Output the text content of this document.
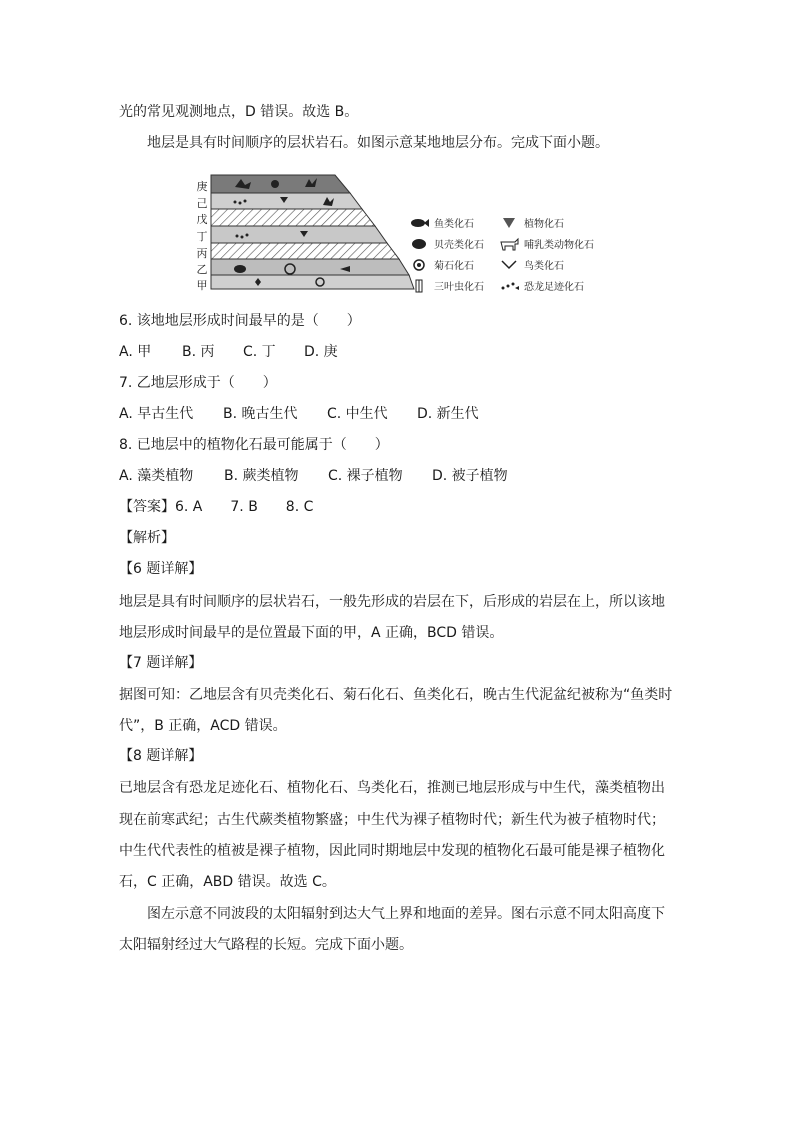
光的常见观测地点，D 错误。故选 B。
地层是具有时间顺序的层状岩石。如图示意某地地层分布。完成下面小题。
庚
己
戊
丁
丙
乙
甲
鱼类化石	植物化石
贝壳类化石	哺乳类动物化石
菊石化石	鸟类化石
三叶虫化石	恐龙足迹化石
6. 该地地层形成时间最早的是（　　）
A. 甲 B. 丙 C. 丁 D. 庚
7. 乙地层形成于（　　）
A. 早古生代 B. 晚古生代 C. 中生代 D. 新生代
8. 已地层中的植物化石最可能属于（　　）
A. 藻类植物 B. 蕨类植物 C. 裸子植物 D. 被子植物
【答案】6. A　　7. B　　8. C
【解析】
【6 题详解】
地层是具有时间顺序的层状岩石，一般先形成的岩层在下，后形成的岩层在上，所以该地
地层形成时间最早的是位置最下面的甲，A 正确，BCD 错误。
【7 题详解】
据图可知：乙地层含有贝壳类化石、菊石化石、鱼类化石，晚古生代泥盆纪被称为“鱼类时
代”，B 正确，ACD 错误。
【8 题详解】
已地层含有恐龙足迹化石、植物化石、鸟类化石，推测已地层形成与中生代，藻类植物出
现在前寒武纪；古生代蕨类植物繁盛；中生代为裸子植物时代；新生代为被子植物时代；
中生代代表性的植被是裸子植物，因此同时期地层中发现的植物化石最可能是裸子植物化
石，C 正确，ABD 错误。故选 C。
图左示意不同波段的太阳辐射到达大气上界和地面的差异。图右示意不同太阳高度下
太阳辐射经过大气路程的长短。完成下面小题。
